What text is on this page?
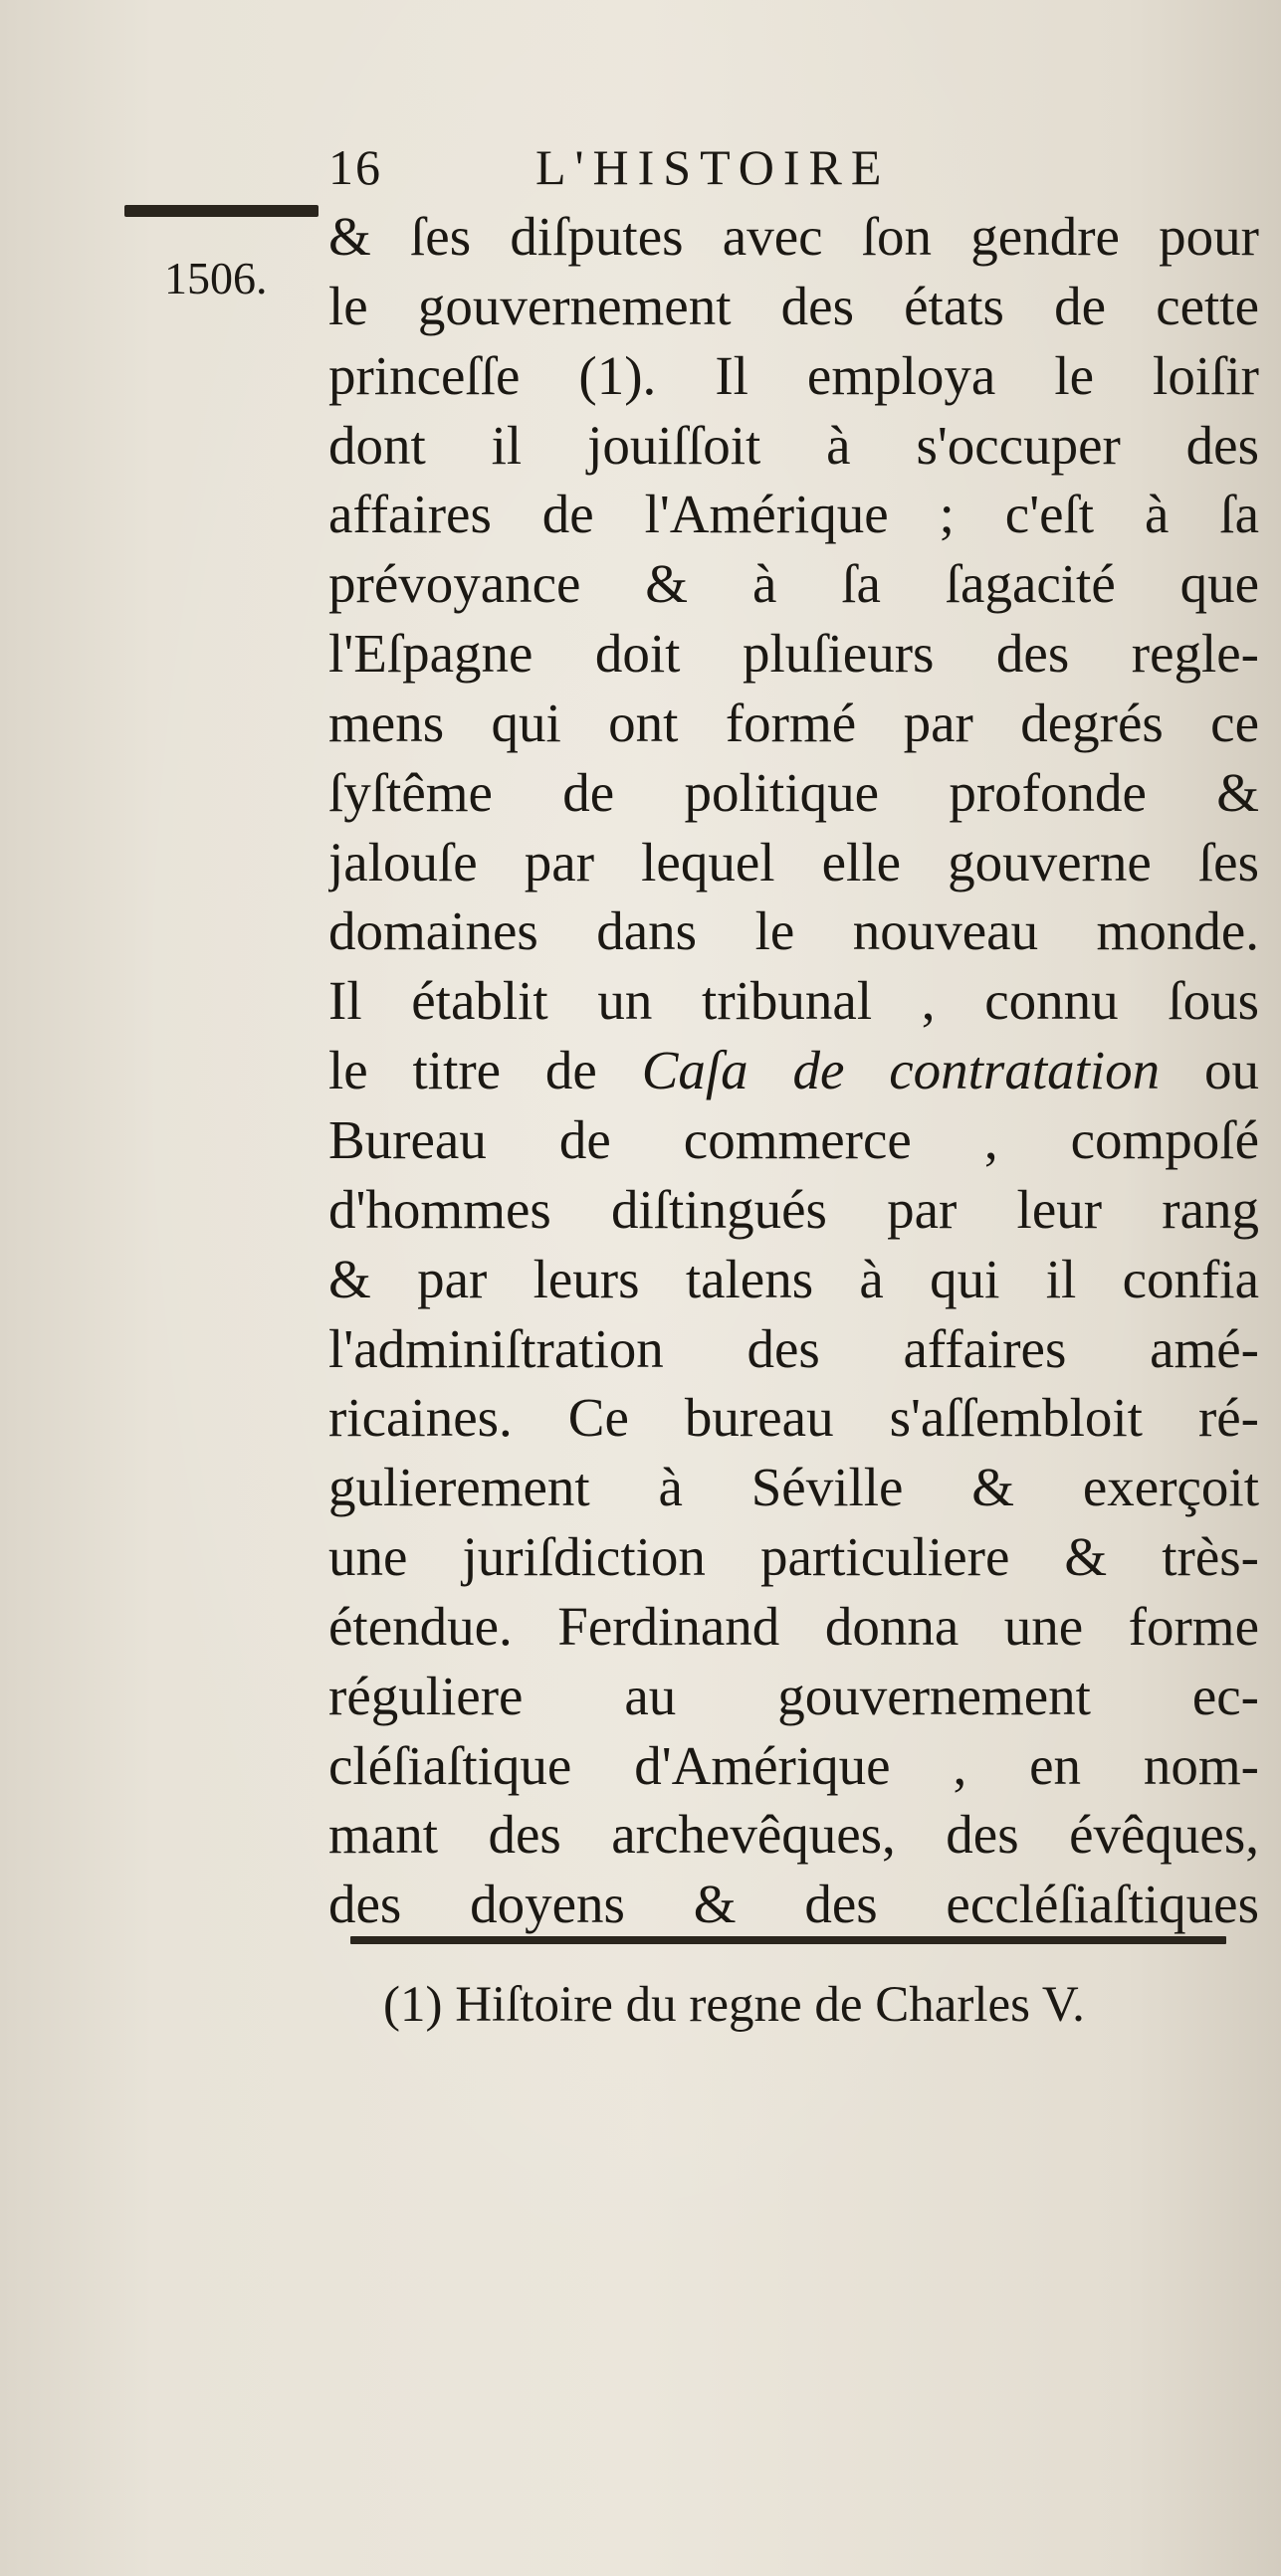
16	L'HISTOIRE
1506.
& ſes diſputes avec ſon gendre pour
le gouvernement des états de cette
princeſſe (1). Il employa le loiſir
dont il jouiſſoit à s'occuper des
affaires de l'Amérique ; c'eſt à ſa
prévoyance & à ſa ſagacité que
l'Eſpagne doit pluſieurs des regle-
mens qui ont formé par degrés ce
ſyſtême de politique profonde &
jalouſe par lequel elle gouverne ſes
domaines dans le nouveau monde.
Il établit un tribunal , connu ſous
le titre de Caſa de contratation ou
Bureau de commerce , compoſé
d'hommes diſtingués par leur rang
& par leurs talens à qui il confia
l'adminiſtration des affaires amé-
ricaines. Ce bureau s'aſſembloit ré-
gulierement à Séville & exerçoit
une juriſdiction particuliere & très-
étendue. Ferdinand donna une forme
réguliere au gouvernement ec-
cléſiaſtique d'Amérique , en nom-
mant des archevêques, des évêques,
des doyens & des eccléſiaſtiques
(1) Hiſtoire du regne de Charles V.
